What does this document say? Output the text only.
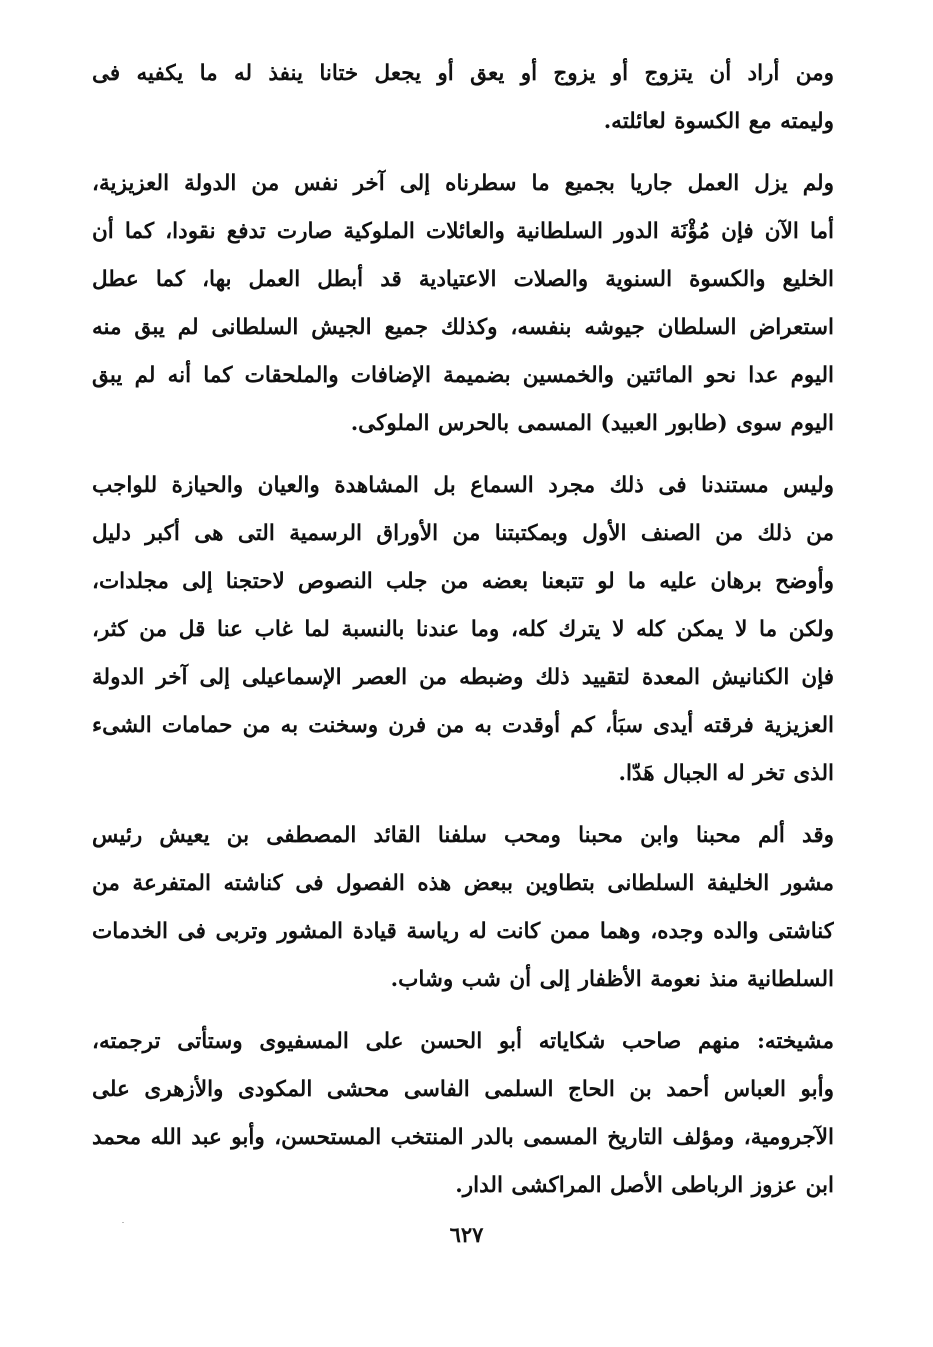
ومن أراد أن يتزوج أو يزوج أو يعق أو يجعل ختانا ينفذ له ما يكفيه فى
وليمته مع الكسوة لعائلته.

ولم يزل العمل جاريا بجميع ما سطرناه إلى آخر نفس من الدولة العزيزية،
أما الآن فإن مُؤْنَة الدور السلطانية والعائلات الملوكية صارت تدفع نقودا، كما أن
الخليع والكسوة السنوية والصلات الاعتيادية قد أبطل العمل بها، كما عطل
استعراض السلطان جيوشه بنفسه، وكذلك جميع الجيش السلطانى لم يبق منه
اليوم عدا نحو المائتين والخمسين بضميمة الإضافات والملحقات كما أنه لم يبق
اليوم سوى (طابور العبيد) المسمى بالحرس الملوكى.

وليس مستندنا فى ذلك مجرد السماع بل المشاهدة والعيان والحيازة للواجب
من ذلك من الصنف الأول وبمكتبتنا من الأوراق الرسمية التى هى أكبر دليل
وأوضح برهان عليه ما لو تتبعنا بعضه من جلب النصوص لاحتجنا إلى مجلدات،
ولكن ما لا يمكن كله لا يترك كله، وما عندنا بالنسبة لما غاب عنا قل من كثر،
فإن الكنانيش المعدة لتقييد ذلك وضبطه من العصر الإسماعيلى إلى آخر الدولة
العزيزية فرقته أيدى سبَأ، كم أوقدت به من فرن وسخنت به من حمامات الشىء
الذى تخر له الجبال هَدّا.

وقد ألم محبنا وابن محبنا ومحب سلفنا القائد المصطفى بن يعيش رئيس
مشور الخليفة السلطانى بتطاوين ببعض هذه الفصول فى كناشته المتفرعة من
كناشتى والده وجده، وهما ممن كانت له رياسة قيادة المشور وتربى فى الخدمات
السلطانية منذ نعومة الأظفار إلى أن شب وشاب.

مشيخته: منهم صاحب شكاياته أبو الحسن على المسفيوى وستأتى ترجمته،
وأبو العباس أحمد بن الحاج السلمى الفاسى محشى المكودى والأزهرى على
الآجرومية، ومؤلف التاريخ المسمى بالدر المنتخب المستحسن، وأبو عبد الله محمد
ابن عزوز الرباطى الأصل المراكشى الدار.

٦٢٧
